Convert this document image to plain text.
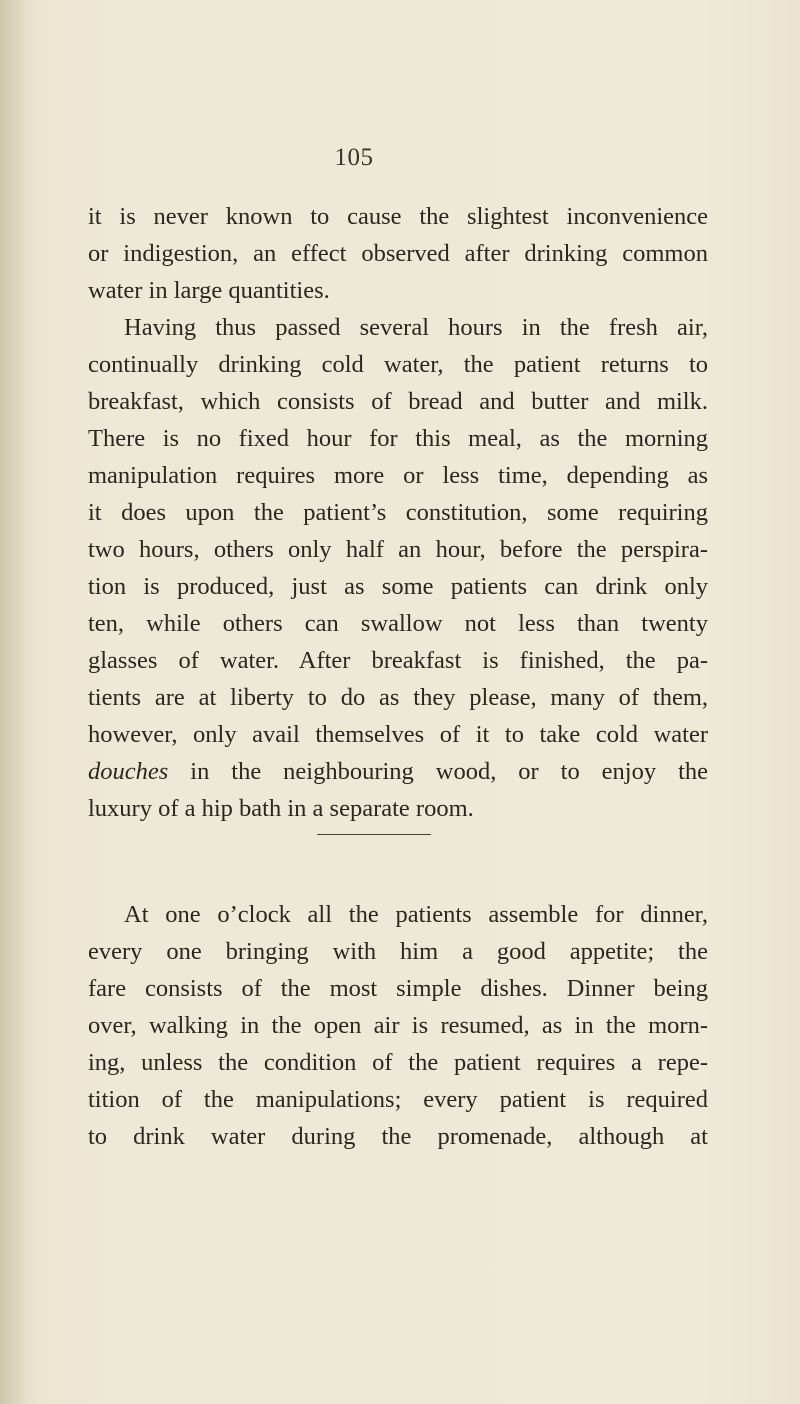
105
it is never known to cause the slightest inconvenience
or indigestion, an effect observed after drinking common
water in large quantities.
Having thus passed several hours in the fresh air,
continually drinking cold water, the patient returns to
breakfast, which consists of bread and butter and milk.
There is no fixed hour for this meal, as the morning
manipulation requires more or less time, depending as
it does upon the patient’s constitution, some requiring
two hours, others only half an hour, before the perspira-
tion is produced, just as some patients can drink only
ten, while others can swallow not less than twenty
glasses of water. After breakfast is finished, the pa-
tients are at liberty to do as they please, many of them,
however, only avail themselves of it to take cold water
douches in the neighbouring wood, or to enjoy the
luxury of a hip bath in a separate room.
At one o’clock all the patients assemble for dinner,
every one bringing with him a good appetite; the
fare consists of the most simple dishes. Dinner being
over, walking in the open air is resumed, as in the morn-
ing, unless the condition of the patient requires a repe-
tition of the manipulations; every patient is required
to drink water during the promenade, although at
